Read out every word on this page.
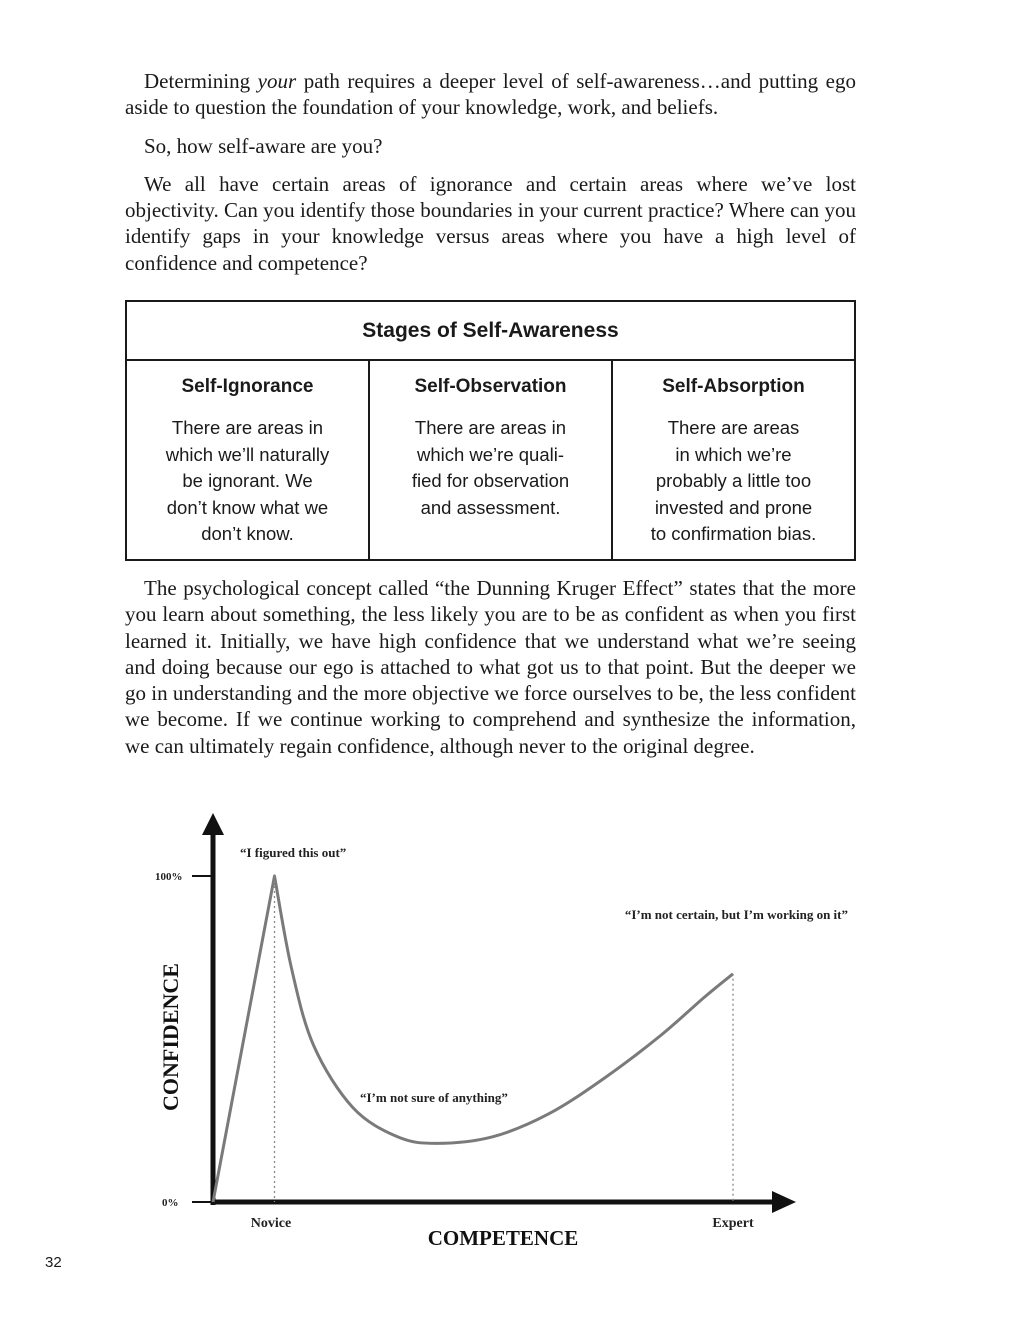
Determining your path requires a deeper level of self-awareness…and putting ego aside to question the foundation of your knowledge, work, and beliefs.

So, how self-aware are you?

We all have certain areas of ignorance and certain areas where we’ve lost objectivity. Can you identify those boundaries in your current practice? Where can you identify gaps in your knowledge versus areas where you have a high level of confidence and competence?

Stages of Self-Awareness
Self-Ignorance
There are areas in
which we’ll naturally
be ignorant. We
don’t know what we
don’t know.
Self-Observation
There are areas in
which we’re quali-
fied for observation
and assessment.
Self-Absorption
There are areas
in which we’re
probably a little too
invested and prone
to confirmation bias.

The psychological concept called “the Dunning Kruger Effect” states that the more you learn about something, the less likely you are to be as confident as when you first learned it. Initially, we have high confidence that we understand what we’re seeing and doing because our ego is attached to what got us to that point. But the deeper we go in understanding and the more objective we force ourselves to be, the less confident we become. If we continue working to comprehend and synthesize the information, we can ultimately regain confidence, although never to the original degree.

100%
0%
Novice	Expert
COMPETENCE
CONFIDENCE
“I figured this out”
“I’m not sure of anything”
“I’m not certain, but I’m working on it”
32
